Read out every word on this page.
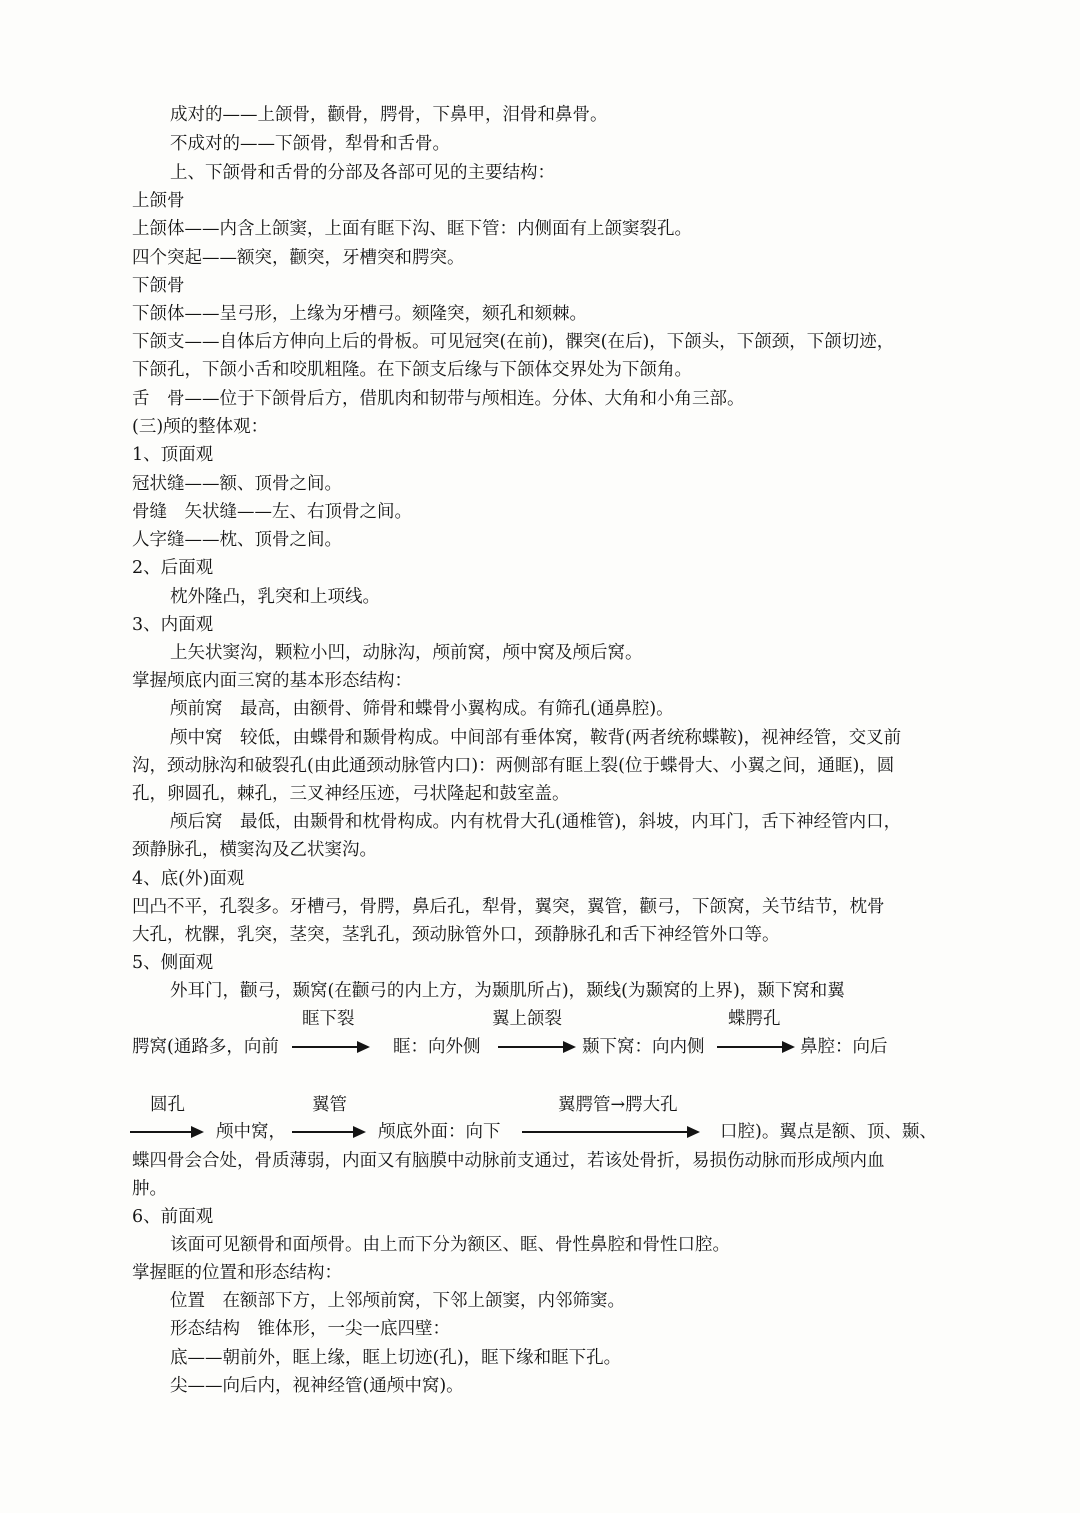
成对的——上颌骨，颧骨，腭骨，下鼻甲，泪骨和鼻骨。
不成对的——下颌骨，犁骨和舌骨。
上、下颌骨和舌骨的分部及各部可见的主要结构：
上颌骨
上颌体——内含上颌窦，上面有眶下沟、眶下管：内侧面有上颌窦裂孔。
四个突起——额突，颧突，牙槽突和腭突。
下颌骨
下颌体——呈弓形，上缘为牙槽弓。颏隆突，颏孔和颏棘。
下颌支——自体后方伸向上后的骨板。可见冠突(在前)，髁突(在后)，下颌头，下颌颈，下颌切迹，
下颌孔，下颌小舌和咬肌粗隆。在下颌支后缘与下颌体交界处为下颌角。
舌　骨——位于下颌骨后方，借肌肉和韧带与颅相连。分体、大角和小角三部。
(三)颅的整体观：
1、顶面观
冠状缝——额、顶骨之间。
骨缝　矢状缝——左、右顶骨之间。
人字缝——枕、顶骨之间。
2、后面观
枕外隆凸，乳突和上项线。
3、内面观
上矢状窦沟，颗粒小凹，动脉沟，颅前窝，颅中窝及颅后窝。
掌握颅底内面三窝的基本形态结构：
颅前窝　最高，由额骨、筛骨和蝶骨小翼构成。有筛孔(通鼻腔)。
颅中窝　较低，由蝶骨和颞骨构成。中间部有垂体窝，鞍背(两者统称蝶鞍)，视神经管，交叉前
沟，颈动脉沟和破裂孔(由此通颈动脉管内口)：两侧部有眶上裂(位于蝶骨大、小翼之间，通眶)，圆
孔，卵圆孔，棘孔，三叉神经压迹，弓状隆起和鼓室盖。
颅后窝　最低，由颞骨和枕骨构成。内有枕骨大孔(通椎管)，斜坡，内耳门，舌下神经管内口，
颈静脉孔，横窦沟及乙状窦沟。
4、底(外)面观
凹凸不平，孔裂多。牙槽弓，骨腭，鼻后孔，犁骨，翼突，翼管，颧弓，下颌窝，关节结节，枕骨
大孔，枕髁，乳突，茎突，茎乳孔，颈动脉管外口，颈静脉孔和舌下神经管外口等。
5、侧面观
外耳门，颧弓，颞窝(在颧弓的内上方，为颞肌所占)，颞线(为颞窝的上界)，颞下窝和翼
眶下裂	翼上颌裂	蝶腭孔
腭窝(通路多，向前	眶：向外侧	颞下窝：向内侧	鼻腔：向后
圆孔	翼管	翼腭管→腭大孔
颅中窝，	颅底外面：向下	口腔)。翼点是额、顶、颞、
蝶四骨会合处，骨质薄弱，内面又有脑膜中动脉前支通过，若该处骨折，易损伤动脉而形成颅内血
肿。
6、前面观
该面可见额骨和面颅骨。由上而下分为额区、眶、骨性鼻腔和骨性口腔。
掌握眶的位置和形态结构：
位置　在额部下方，上邻颅前窝，下邻上颌窦，内邻筛窦。
形态结构　锥体形，一尖一底四壁：
底——朝前外，眶上缘，眶上切迹(孔)，眶下缘和眶下孔。
尖——向后内，视神经管(通颅中窝)。
